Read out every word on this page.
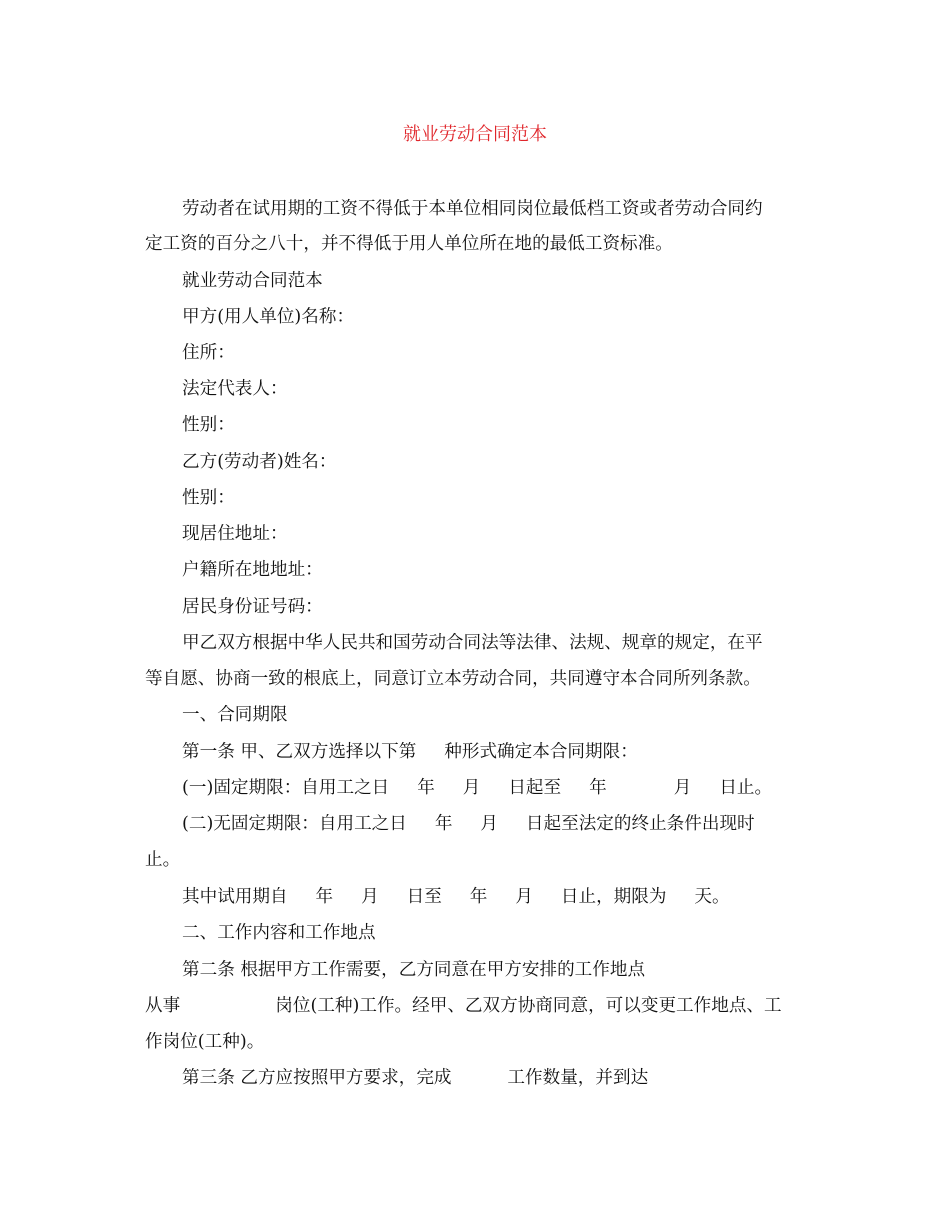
就业劳动合同范本
劳动者在试用期的工资不得低于本单位相同岗位最低档工资或者劳动合同约
定工资的百分之八十，并不得低于用人单位所在地的最低工资标准。
就业劳动合同范本
甲方(用人单位)名称：
住所：
法定代表人：
性别：
乙方(劳动者)姓名：
性别：
现居住地址：
户籍所在地地址：
居民身份证号码：
甲乙双方根据中华人民共和国劳动合同法等法律、法规、规章的规定，在平
等自愿、协商一致的根底上，同意订立本劳动合同，共同遵守本合同所列条款。
一、合同期限
第一条 甲、乙双方选择以下第     种形式确定本合同期限：
(一)固定期限：自用工之日     年     月     日起至     年            月     日止。
(二)无固定期限：自用工之日     年     月     日起至法定的终止条件出现时
止。
其中试用期自     年     月     日至     年     月     日止，期限为     天。
二、工作内容和工作地点
第二条 根据甲方工作需要，乙方同意在甲方安排的工作地点
从事                 岗位(工种)工作。经甲、乙双方协商同意，可以变更工作地点、工
作岗位(工种)。
第三条 乙方应按照甲方要求，完成          工作数量，并到达
